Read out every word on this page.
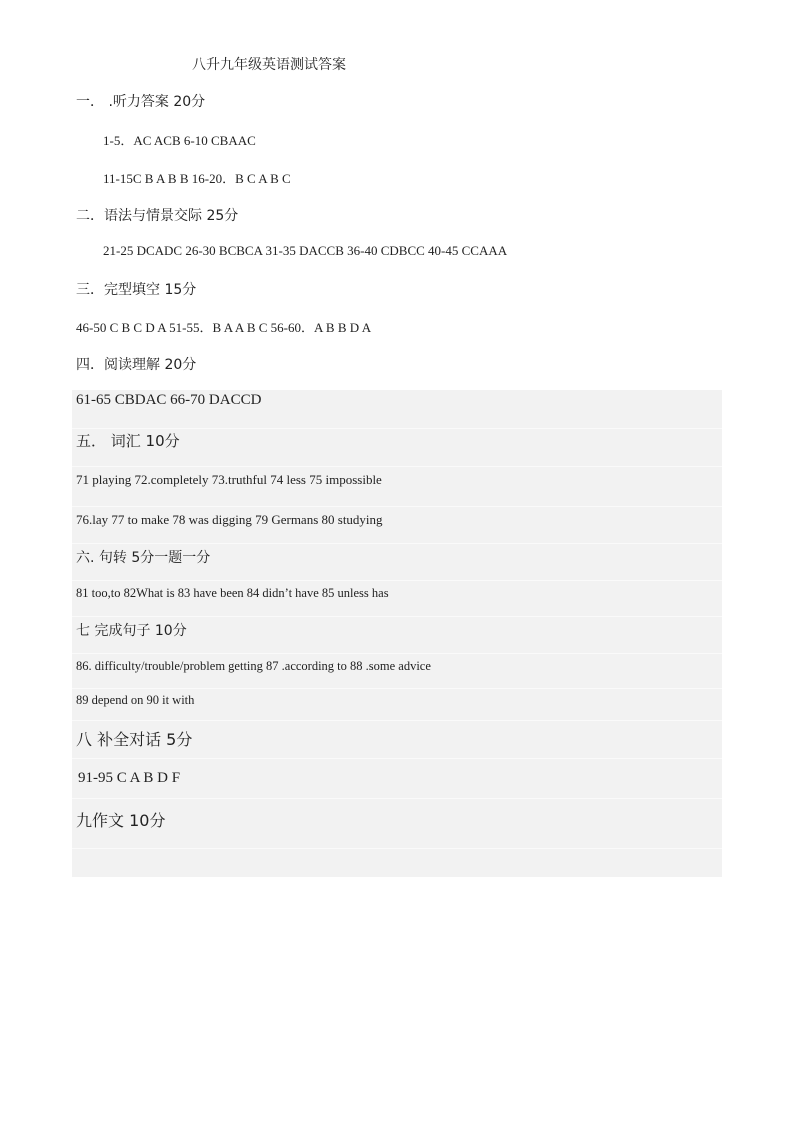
八升九年级英语测试答案
一． .听力答案 20分
1-5．AC ACB 6-10 CBAAC
11-15C B A B B 16-20．B C A B C
二．语法与情景交际 25分
21-25 DCADC 26-30 BCBCA 31-35 DACCB 36-40 CDBCC 40-45 CCAAA
三．完型填空 15分
46-50 C B C D A 51-55．B A A B C 56-60．A B B D A
四．阅读理解 20分
61-65 CBDAC 66-70 DACCD
五． 词汇 10分
71 playing 72.completely 73.truthful 74 less 75 impossible
76.lay 77 to make 78 was digging 79 Germans 80 studying
六. 句转 5分一题一分
81 too,to 82What is 83 have been 84 didn’t have 85 unless has
七 完成句子 10分
86. difficulty/trouble/problem getting 87 .according to 88 .some advice
89 depend on 90 it with
八 补全对话 5分
91-95 C A B D F
九作文 10分
